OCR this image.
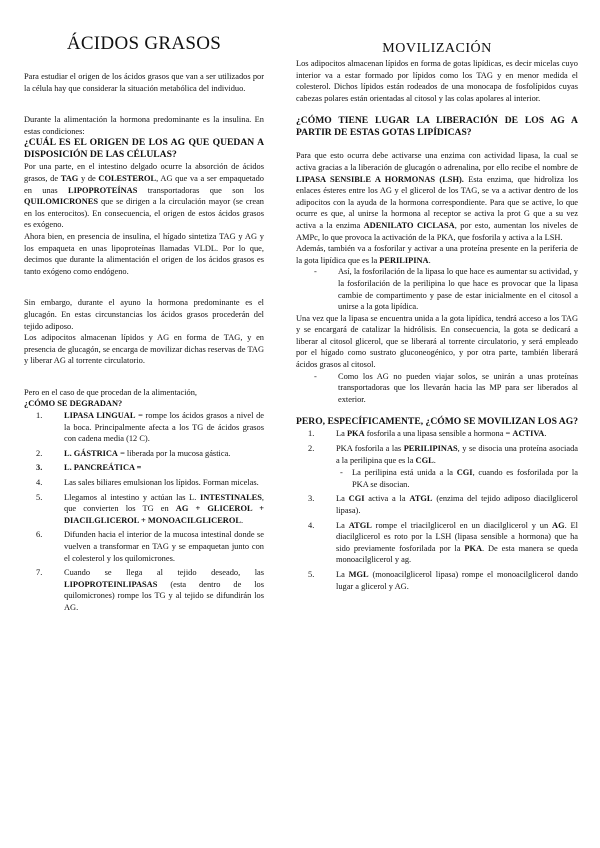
ÁCIDOS GRASOS

Para estudiar el origen de los ácidos grasos que van a ser utilizados por la célula hay que considerar la situación metabólica del individuo.

Durante la alimentación la hormona predominante es la insulina. En estas condiciones:

¿CUÁL ES EL ORIGEN DE LOS AG QUE QUEDAN A DISPOSICIÓN DE LAS CÉLULAS?

Por una parte, en el intestino delgado ocurre la absorción de ácidos grasos, de TAG y de COLESTEROL, AG que va a ser empaquetado en unas LIPOPROTEÍNAS transportadoras que son los QUILOMICRONES que se dirigen a la circulación mayor (se crean en los enterocitos). En consecuencia, el origen de estos ácidos grasos es exógeno.

Ahora bien, en presencia de insulina, el hígado sintetiza TAG y AG y los empaqueta en unas lipoproteínas llamadas VLDL. Por lo que, decimos que durante la alimentación el origen de los ácidos grasos es tanto exógeno como endógeno.

Sin embargo, durante el ayuno la hormona predominante es el glucagón. En estas circunstancias los ácidos grasos procederán del tejido adiposo.

Los adipocitos almacenan lípidos y AG en forma de TAG, y en presencia de glucagón, se encarga de movilizar dichas reservas de TAG y liberar AG al torrente circulatorio.

Pero en el caso de que procedan de la alimentación,

¿CÓMO SE DEGRADAN?
1.	LIPASA LINGUAL = rompe los ácidos grasos a nivel de la boca. Principalmente afecta a los TG de ácidos grasos con cadena media (12 C).
2.	L. GÁSTRICA = liberada por la mucosa gástica.
3.	L. PANCREÁTICA =
4.	Las sales biliares emulsionan los lípidos. Forman micelas.
5.	Llegamos al intestino y actúan las L. INTESTINALES, que convierten los TG en AG + GLICEROL + DIACILGLICEROL + MONOACILGLICEROL.
6.	Difunden hacia el interior de la mucosa intestinal donde se vuelven a transformar en TAG y se empaquetan junto con el colesterol y los quilomicrones.
7.	Cuando se llega al tejido deseado, las LIPOPROTEINLIPASAS (esta dentro de los quilomicrones) rompe los TG y al tejido se difundirán los AG.
MOVILIZACIÓN

Los adipocitos almacenan lípidos en forma de gotas lipídicas, es decir micelas cuyo interior va a estar formado por lípidos como los TAG y en menor medida el colesterol. Dichos lípidos están rodeados de una monocapa de fosfolípidos cuyas cabezas polares están orientadas al citosol y las colas apolares al interior.

¿CÓMO TIENE LUGAR LA LIBERACIÓN DE LOS AG A PARTIR DE ESTAS GOTAS LIPÍDICAS?

Para que esto ocurra debe activarse una enzima con actividad lipasa, la cual se activa gracias a la liberación de glucagón o adrenalina, por ello recibe el nombre de LIPASA SENSIBLE A HORMONAS (LSH). Esta enzima, que hidroliza los enlaces ésteres entre los AG y el glicerol de los TAG, se va a activar dentro de los adipocitos con la ayuda de la hormona correspondiente. Para que se active, lo que ocurre es que, al unirse la hormona al receptor se activa la prot G que a su vez activa a la enzima ADENILATO CICLASA, por esto, aumentan los niveles de AMPc, lo que provoca la activación de la PKA, que fosforila y activa a la LSH.

Además, también va a fosforilar y activar a una proteína presente en la periferia de la gota lipídica que es la PERILIPINA.

-	Así, la fosforilación de la lipasa lo que hace es aumentar su actividad, y la fosforilación de la perilipina lo que hace es provocar que la lipasa cambie de compartimento y pase de estar inicialmente en el citosol a unirse a la gota lipídica.

Una vez que la lipasa se encuentra unida a la gota lipídica, tendrá acceso a los TAG y se encargará de catalizar la hidrólisis. En consecuencia, la gota se dedicará a liberar al citosol glicerol, que se liberará al torrente circulatorio, y será empleado por el hígado como sustrato gluconeogénico, y por otra parte, también liberará ácidos grasos al citosol.

-	Como los AG no pueden viajar solos, se unirán a unas proteínas transportadoras que los llevarán hacia las MP para ser liberados al exterior.
PERO, ESPECÍFICAMENTE, ¿CÓMO SE MOVILIZAN LOS AG?
1.	La PKA fosforila a una lipasa sensible a hormona = ACTIVA.
2.	PKA fosforila a las PERILIPINAS, y se disocia una proteína asociada a la perilipina que es la CGL.
- La perilipina está unida a la CGI, cuando es fosforilada por la PKA se disocian.
3.	La CGI activa a la ATGL (enzima del tejido adiposo diacilglicerol lipasa).
4.	La ATGL rompe el triacilglicerol en un diacilglicerol y un AG. El diacilglicerol es roto por la LSH (lipasa sensible a hormona) que ha sido previamente fosforilada por la PKA. De esta manera se queda monoacilglicerol y ag.
5.	La MGL (monoacilglicerol lipasa) rompe el monoacilglicerol dando lugar a glicerol y AG.
